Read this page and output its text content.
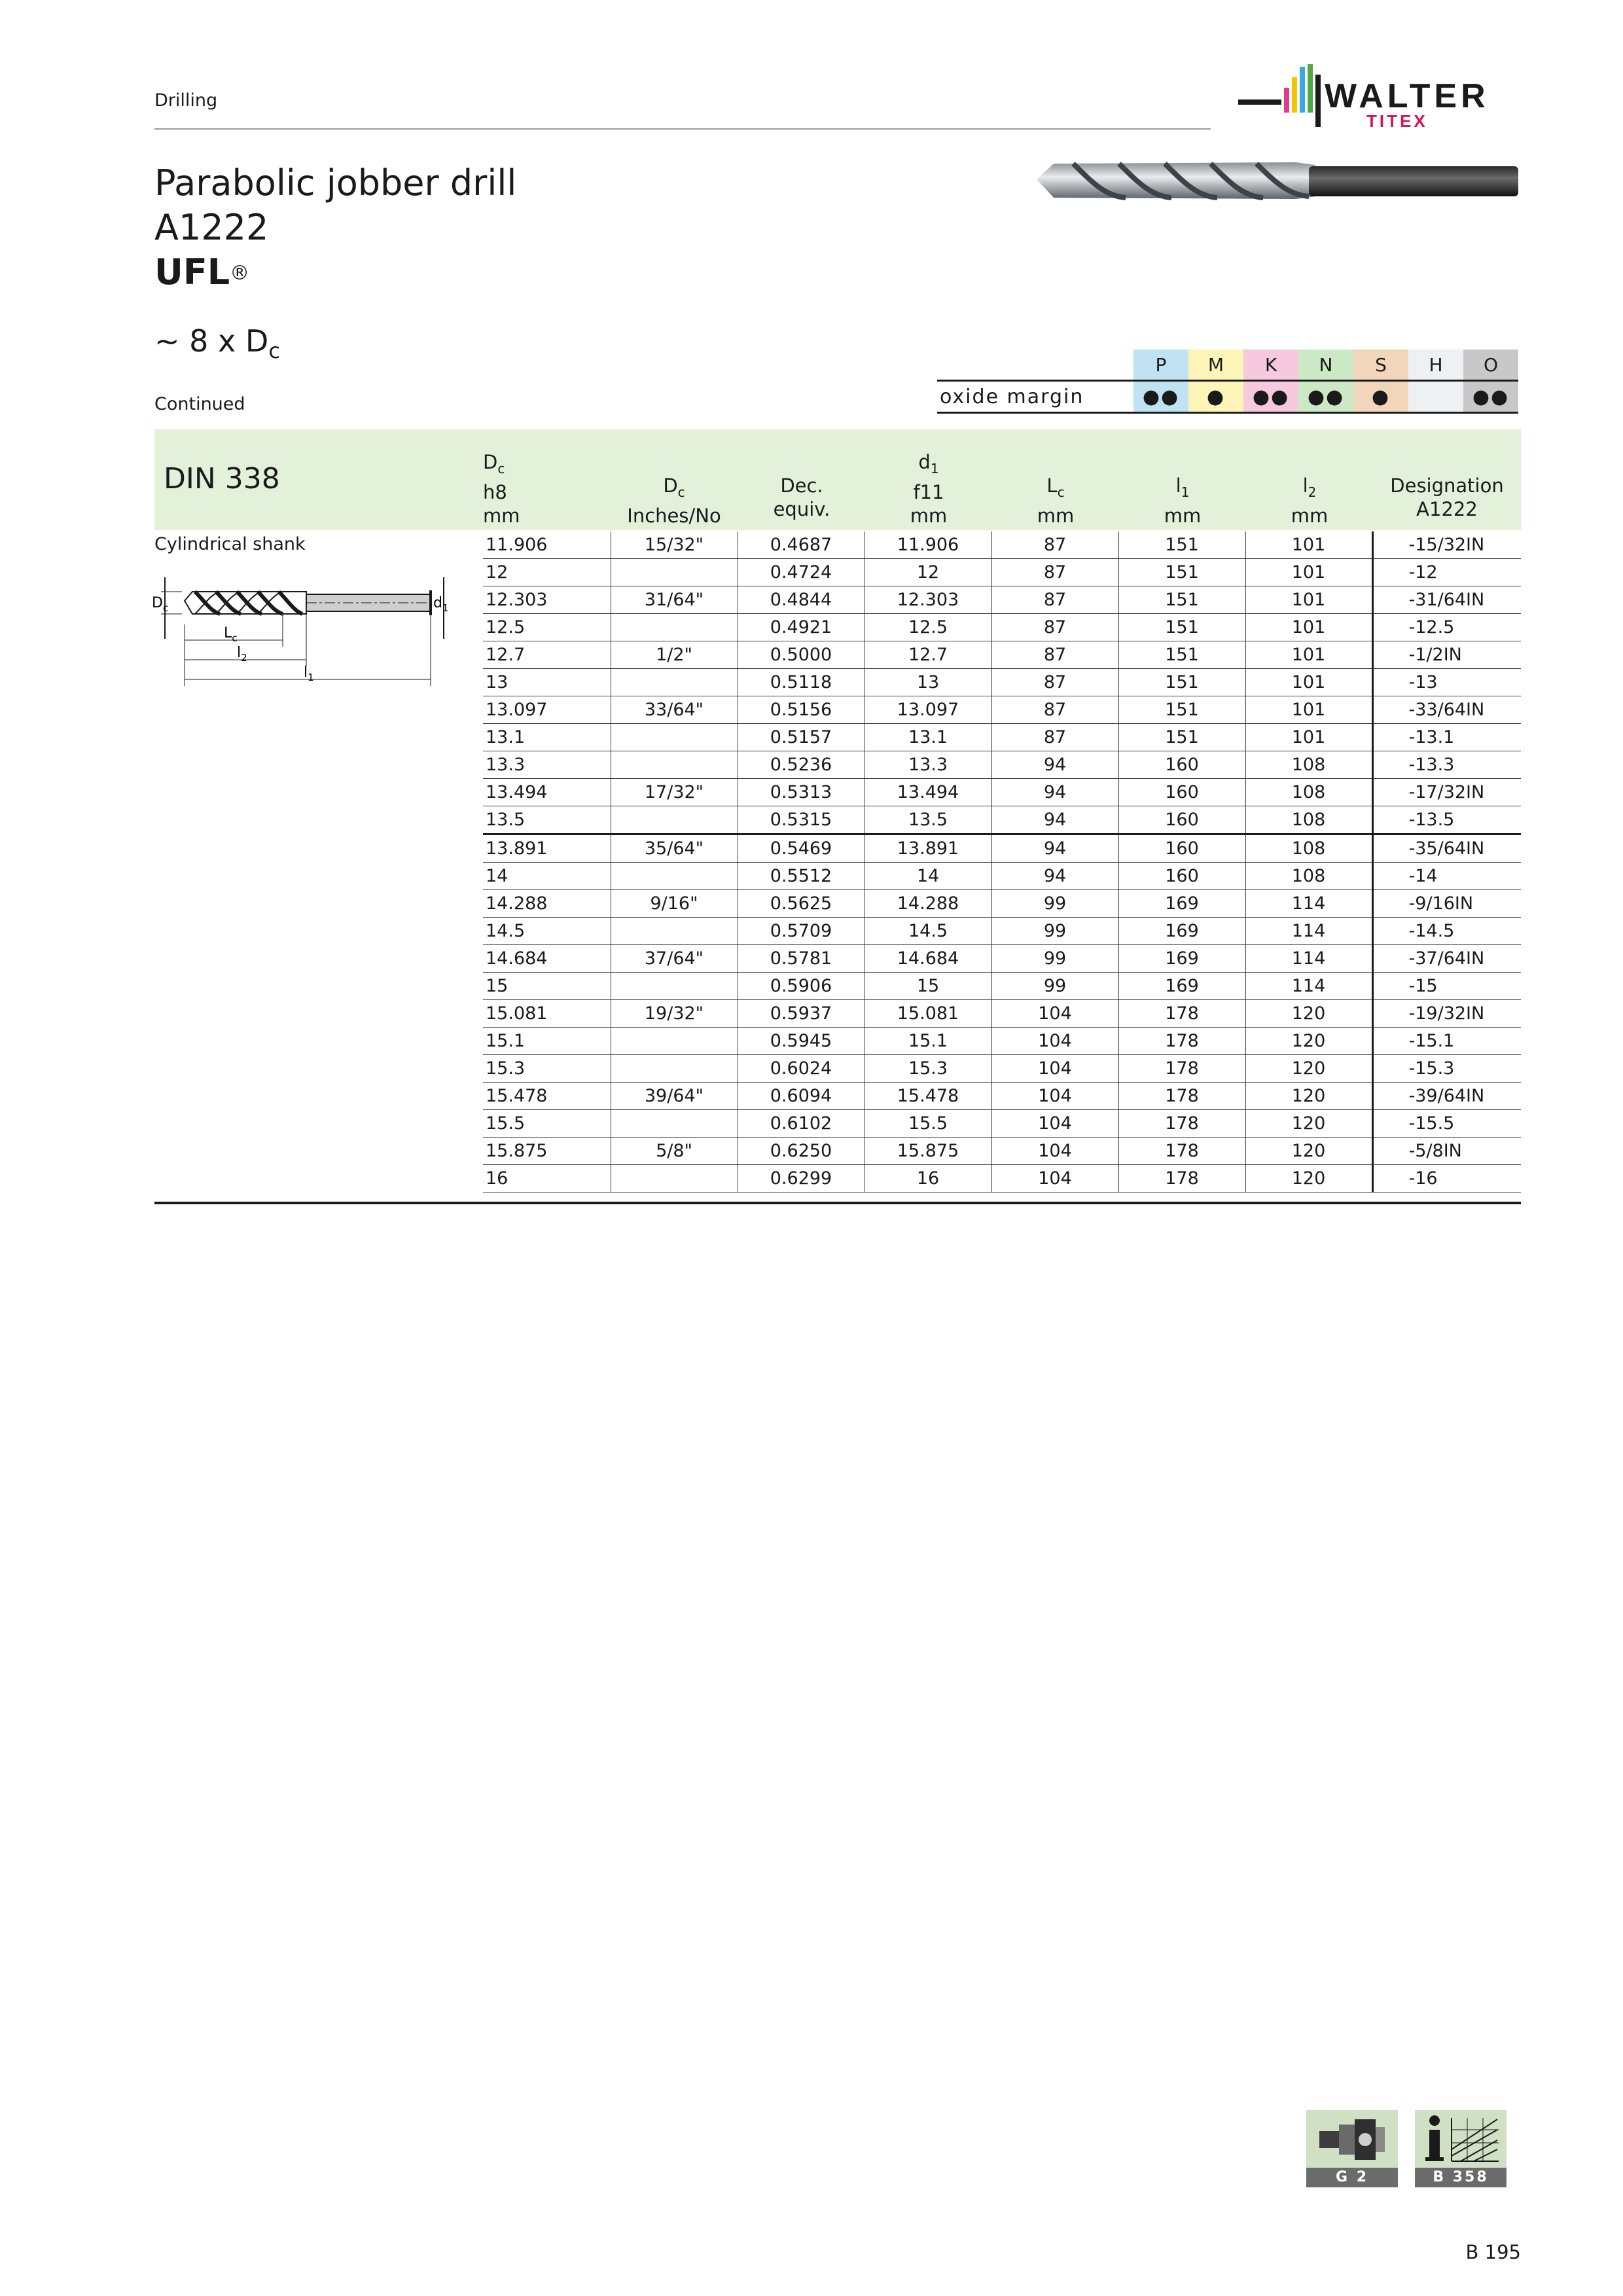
Drilling	WALTER
TITEX
Parabolic jobber drill
A1222
UFL®
~ 8 x $D_c$
Continued
	P	M	K	N	S	H	O
oxide margin	●●	●	●●	●●	●		●●
DIN 338	$D_c$
h8
mm

$D_c$
Inches/No

Dec.
equiv.
$d_1$
f11
mm

$L_c$
mm

$l_1$
mm

$l_2$
mm

Designation
A1222
Cylindrical shank
$D_c$	$d_1$
$L_c$
$l_2$
$l_1$
11.906	15/32"	0.4687	11.906	87	151	101	-15/32IN
12		0.4724	12	87	151	101	-12
12.303	31/64"	0.4844	12.303	87	151	101	-31/64IN
12.5		0.4921	12.5	87	151	101	-12.5
12.7	1/2"	0.5000	12.7	87	151	101	-1/2IN
13		0.5118	13	87	151	101	-13
13.097	33/64"	0.5156	13.097	87	151	101	-33/64IN
13.1		0.5157	13.1	87	151	101	-13.1
13.3		0.5236	13.3	94	160	108	-13.3
13.494	17/32"	0.5313	13.494	94	160	108	-17/32IN
13.5		0.5315	13.5	94	160	108	-13.5
13.891	35/64"	0.5469	13.891	94	160	108	-35/64IN
14		0.5512	14	94	160	108	-14
14.288	9/16"	0.5625	14.288	99	169	114	-9/16IN
14.5		0.5709	14.5	99	169	114	-14.5
14.684	37/64"	0.5781	14.684	99	169	114	-37/64IN
15		0.5906	15	99	169	114	-15
15.081	19/32"	0.5937	15.081	104	178	120	-19/32IN
15.1		0.5945	15.1	104	178	120	-15.1
15.3		0.6024	15.3	104	178	120	-15.3
15.478	39/64"	0.6094	15.478	104	178	120	-39/64IN
15.5		0.6102	15.5	104	178	120	-15.5
15.875	5/8"	0.6250	15.875	104	178	120	-5/8IN
16		0.6299	16	104	178	120	-16
G 2	B 358
B 195
